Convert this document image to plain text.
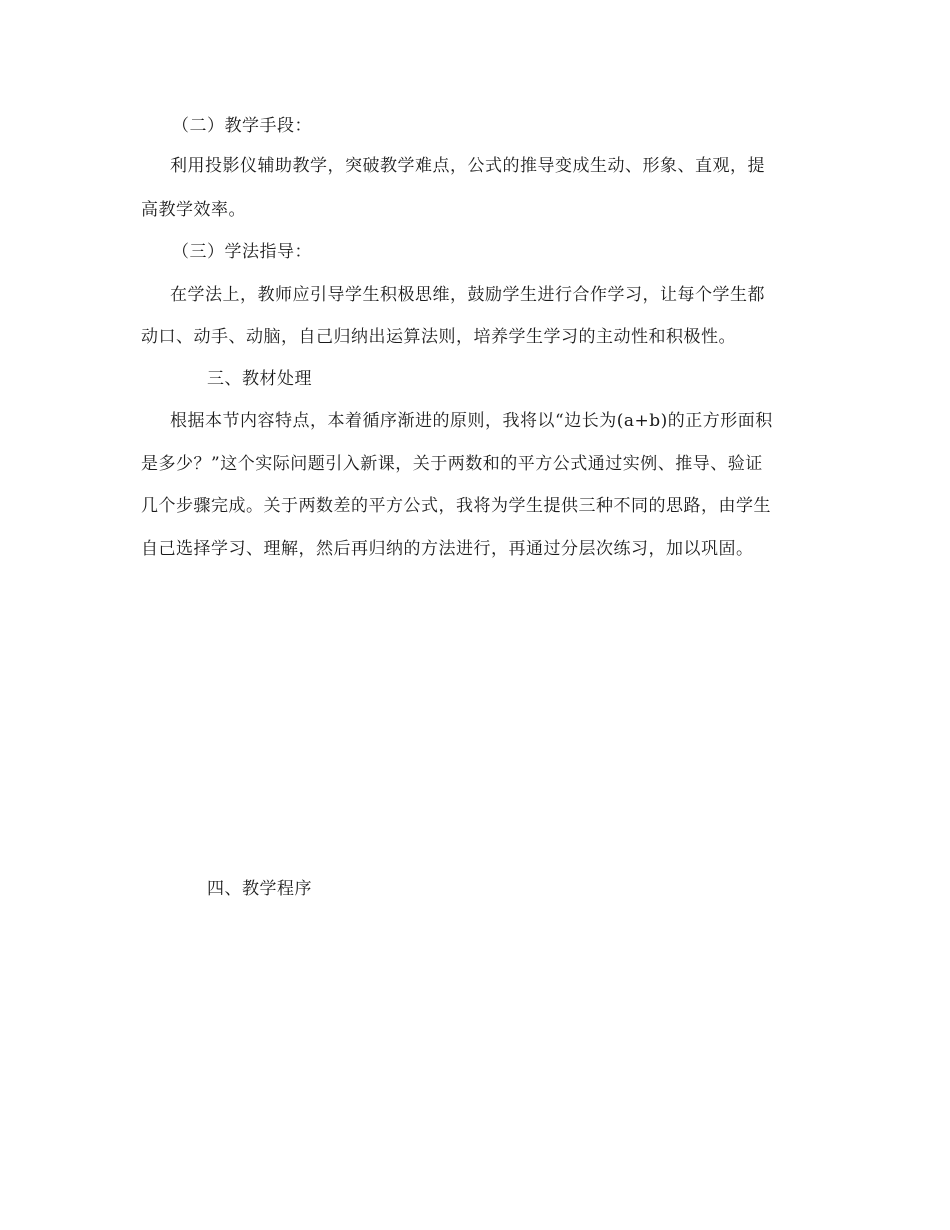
（二）教学手段：
利用投影仪辅助教学，突破教学难点，公式的推导变成生动、形象、直观，提
高教学效率。
（三）学法指导：
在学法上，教师应引导学生积极思维，鼓励学生进行合作学习，让每个学生都
动口、动手、动脑，自己归纳出运算法则，培养学生学习的主动性和积极性。
三、教材处理
根据本节内容特点，本着循序渐进的原则，我将以“边长为(a+b)的正方形面积
是多少？”这个实际问题引入新课，关于两数和的平方公式通过实例、推导、验证
几个步骤完成。关于两数差的平方公式，我将为学生提供三种不同的思路，由学生
自己选择学习、理解，然后再归纳的方法进行，再通过分层次练习，加以巩固。
四、教学程序
